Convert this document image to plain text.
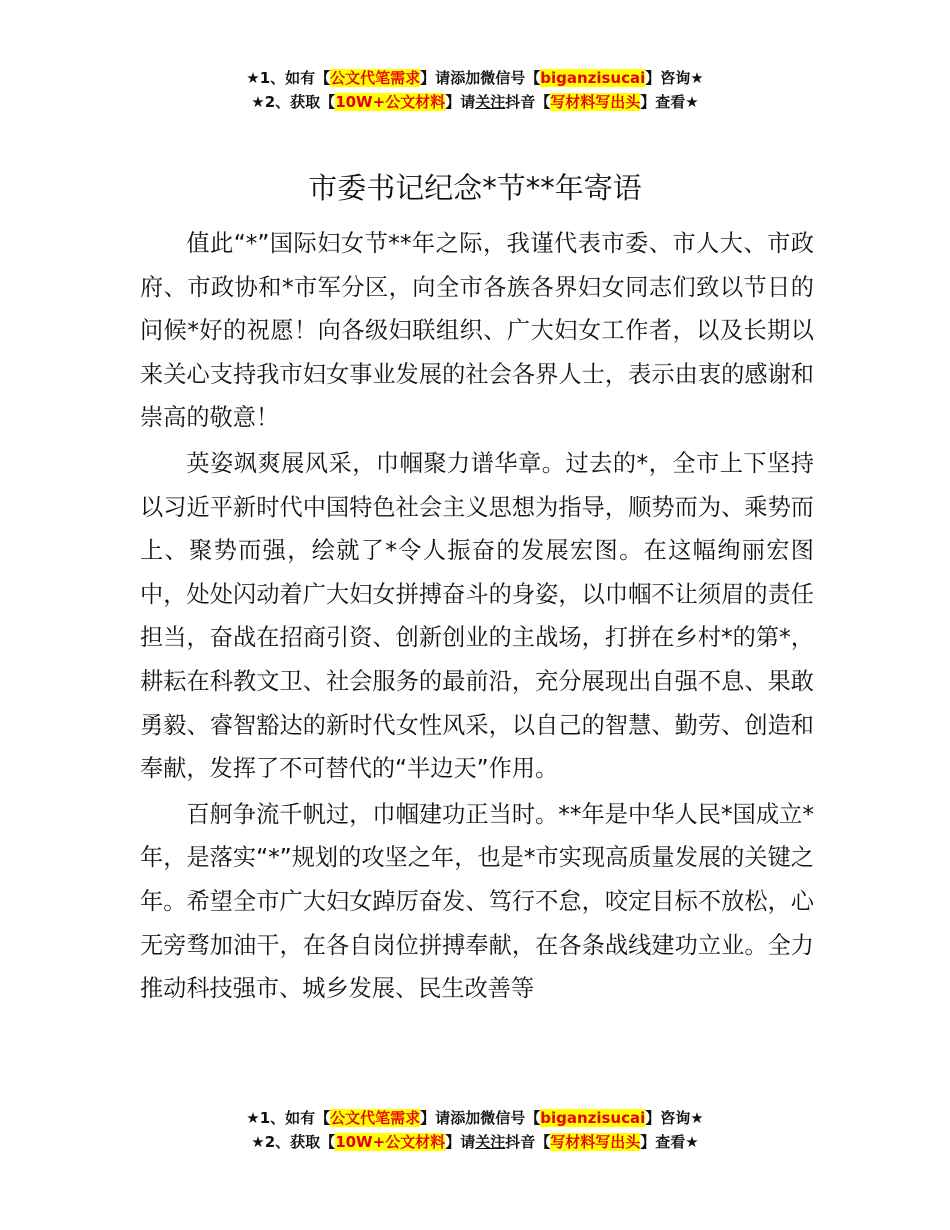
★1、如有【公文代笔需求】请添加微信号【biganzisucai】咨询★
★2、获取【10W+公文材料】请关注抖音【写材料写出头】查看★
市委书记纪念*节**年寄语

值此“*”国际妇女节**年之际，我谨代表市委、市人大、市政府、市政协和*市军分区，向全市各族各界妇女同志们致以节日的问候*好的祝愿！向各级妇联组织、广大妇女工作者，以及长期以来关心支持我市妇女事业发展的社会各界人士，表示由衷的感谢和崇高的敬意！

英姿飒爽展风采，巾帼聚力谱华章。过去的*，全市上下坚持以习近平新时代中国特色社会主义思想为指导，顺势而为、乘势而上、聚势而强，绘就了*令人振奋的发展宏图。在这幅绚丽宏图中，处处闪动着广大妇女拼搏奋斗的身姿，以巾帼不让须眉的责任担当，奋战在招商引资、创新创业的主战场，打拼在乡村*的第*，耕耘在科教文卫、社会服务的最前沿，充分展现出自强不息、果敢勇毅、睿智豁达的新时代女性风采，以自己的智慧、勤劳、创造和奉献，发挥了不可替代的“半边天”作用。

百舸争流千帆过，巾帼建功正当时。**年是中华人民*国成立*年，是落实“*”规划的攻坚之年，也是*市实现高质量发展的关键之年。希望全市广大妇女踔厉奋发、笃行不怠，咬定目标不放松，心无旁骛加油干，在各自岗位拼搏奉献，在各条战线建功立业。全力推动科技强市、城乡发展、民生改善等

★1、如有【公文代笔需求】请添加微信号【biganzisucai】咨询★
★2、获取【10W+公文材料】请关注抖音【写材料写出头】查看★
